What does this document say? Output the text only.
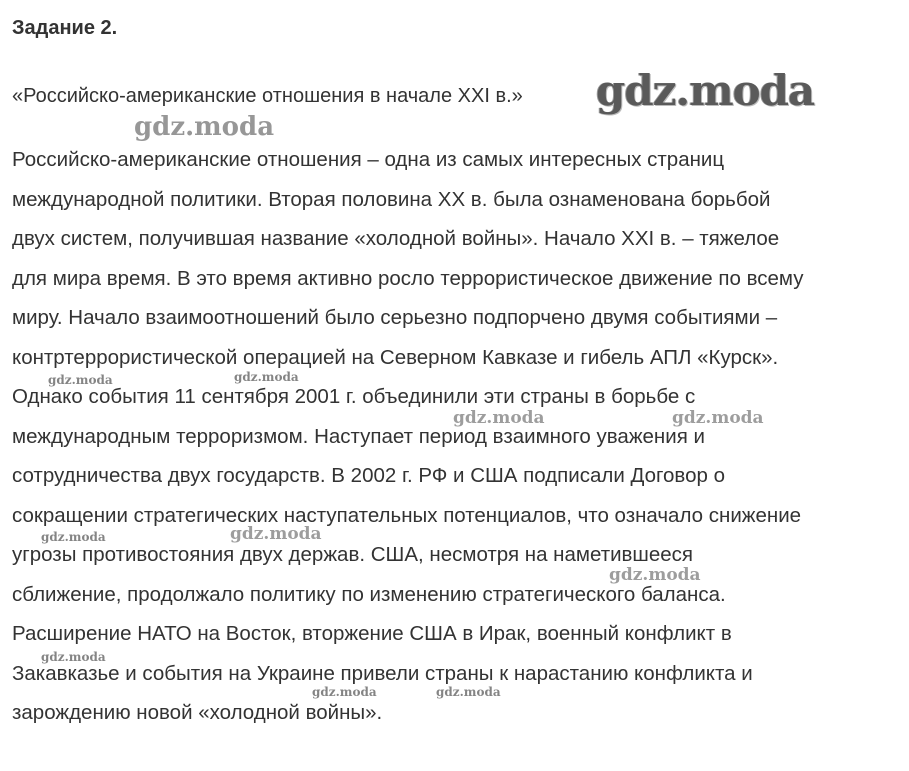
Задание 2.

«Российско-американские отношения в начале XXI в.»

Российско-американские отношения – одна из самых интересных страниц
международной политики. Вторая половина XX в. была ознаменована борьбой
двух систем, получившая название «холодной войны». Начало XXI в. – тяжелое
для мира время. В это время активно росло террористическое движение по всему
миру. Начало взаимоотношений было серьезно подпорчено двумя событиями –
контртеррористической операцией на Северном Кавказе и гибель АПЛ «Курск».
Однако события 11 сентября 2001 г. объединили эти страны в борьбе с
международным терроризмом. Наступает период взаимного уважения и
сотрудничества двух государств. В 2002 г. РФ и США подписали Договор о
сокращении стратегических наступательных потенциалов, что означало снижение
угрозы противостояния двух держав. США, несмотря на наметившееся
сближение, продолжало политику по изменению стратегического баланса.
Расширение НАТО на Восток, вторжение США в Ирак, военный конфликт в
Закавказье и события на Украине привели страны к нарастанию конфликта и
зарождению новой «холодной войны».
gdz.moda
gdz.moda
gdz.moda	gdz.moda
gdz.moda	gdz.moda
gdz.moda	gdz.moda
gdz.moda
gdz.moda
gdz.moda	gdz.moda
